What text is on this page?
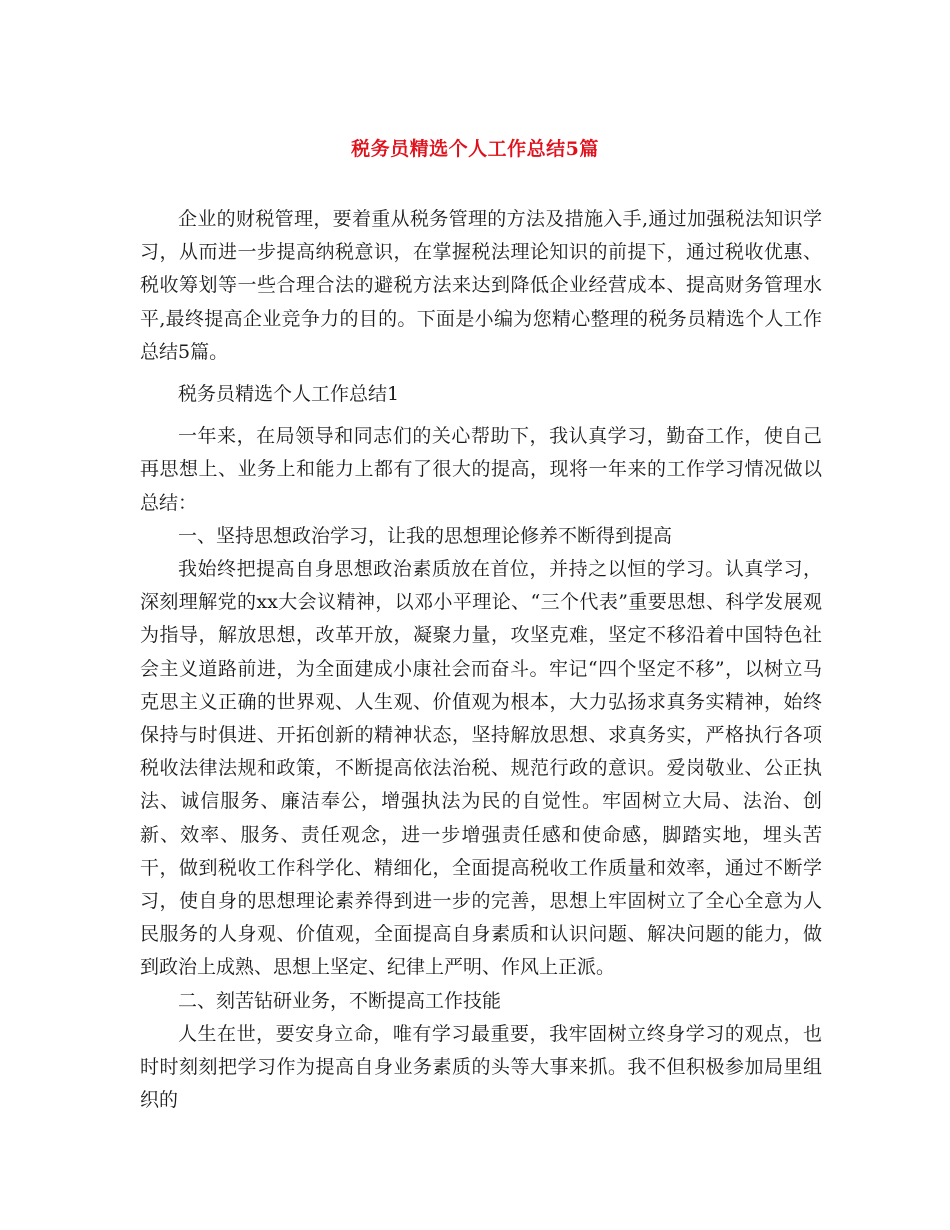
税务员精选个人工作总结5篇

企业的财税管理，要着重从税务管理的方法及措施入手,通过加强税法知识学习，从而进一步提高纳税意识，在掌握税法理论知识的前提下，通过税收优惠、税收筹划等一些合理合法的避税方法来达到降低企业经营成本、提高财务管理水平,最终提高企业竞争力的目的。下面是小编为您精心整理的税务员精选个人工作总结5篇。

税务员精选个人工作总结1

一年来，在局领导和同志们的关心帮助下，我认真学习，勤奋工作，使自己再思想上、业务上和能力上都有了很大的提高，现将一年来的工作学习情况做以总结：

一、坚持思想政治学习，让我的思想理论修养不断得到提高

我始终把提高自身思想政治素质放在首位，并持之以恒的学习。认真学习，深刻理解党的xx大会议精神，以邓小平理论、“三个代表”重要思想、科学发展观为指导，解放思想，改革开放，凝聚力量，攻坚克难，坚定不移沿着中国特色社会主义道路前进，为全面建成小康社会而奋斗。牢记“四个坚定不移”，以树立马克思主义正确的世界观、人生观、价值观为根本，大力弘扬求真务实精神，始终保持与时俱进、开拓创新的精神状态，坚持解放思想、求真务实，严格执行各项税收法律法规和政策，不断提高依法治税、规范行政的意识。爱岗敬业、公正执法、诚信服务、廉洁奉公，增强执法为民的自觉性。牢固树立大局、法治、创新、效率、服务、责任观念，进一步增强责任感和使命感，脚踏实地，埋头苦干，做到税收工作科学化、精细化，全面提高税收工作质量和效率，通过不断学习，使自身的思想理论素养得到进一步的完善，思想上牢固树立了全心全意为人民服务的人身观、价值观，全面提高自身素质和认识问题、解决问题的能力，做到政治上成熟、思想上坚定、纪律上严明、作风上正派。

二、刻苦钻研业务，不断提高工作技能

人生在世，要安身立命，唯有学习最重要，我牢固树立终身学习的观点，也时时刻刻把学习作为提高自身业务素质的头等大事来抓。我不但积极参加局里组织的
